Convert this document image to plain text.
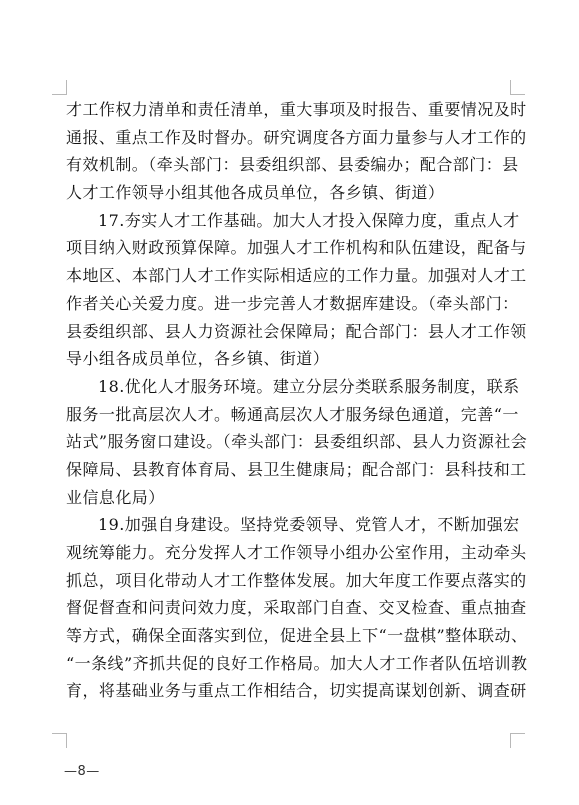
才工作权力清单和责任清单，重大事项及时报告、重要情况及时
通报、重点工作及时督办。研究调度各方面力量参与人才工作的
有效机制。（牵头部门：县委组织部、县委编办；配合部门：县
人才工作领导小组其他各成员单位，各乡镇、街道）
17.夯实人才工作基础。加大人才投入保障力度，重点人才
项目纳入财政预算保障。加强人才工作机构和队伍建设，配备与
本地区、本部门人才工作实际相适应的工作力量。加强对人才工
作者关心关爱力度。进一步完善人才数据库建设。（牵头部门：
县委组织部、县人力资源社会保障局；配合部门：县人才工作领
导小组各成员单位，各乡镇、街道）
18.优化人才服务环境。建立分层分类联系服务制度，联系
服务一批高层次人才。畅通高层次人才服务绿色通道，完善“一
站式”服务窗口建设。（牵头部门：县委组织部、县人力资源社会
保障局、县教育体育局、县卫生健康局；配合部门：县科技和工
业信息化局）
19.加强自身建设。坚持党委领导、党管人才，不断加强宏
观统筹能力。充分发挥人才工作领导小组办公室作用，主动牵头
抓总，项目化带动人才工作整体发展。加大年度工作要点落实的
督促督查和问责问效力度，采取部门自查、交叉检查、重点抽查
等方式，确保全面落实到位，促进全县上下“一盘棋”整体联动、
“一条线”齐抓共促的良好工作格局。加大人才工作者队伍培训教
育，将基础业务与重点工作相结合，切实提高谋划创新、调查研
—8—
